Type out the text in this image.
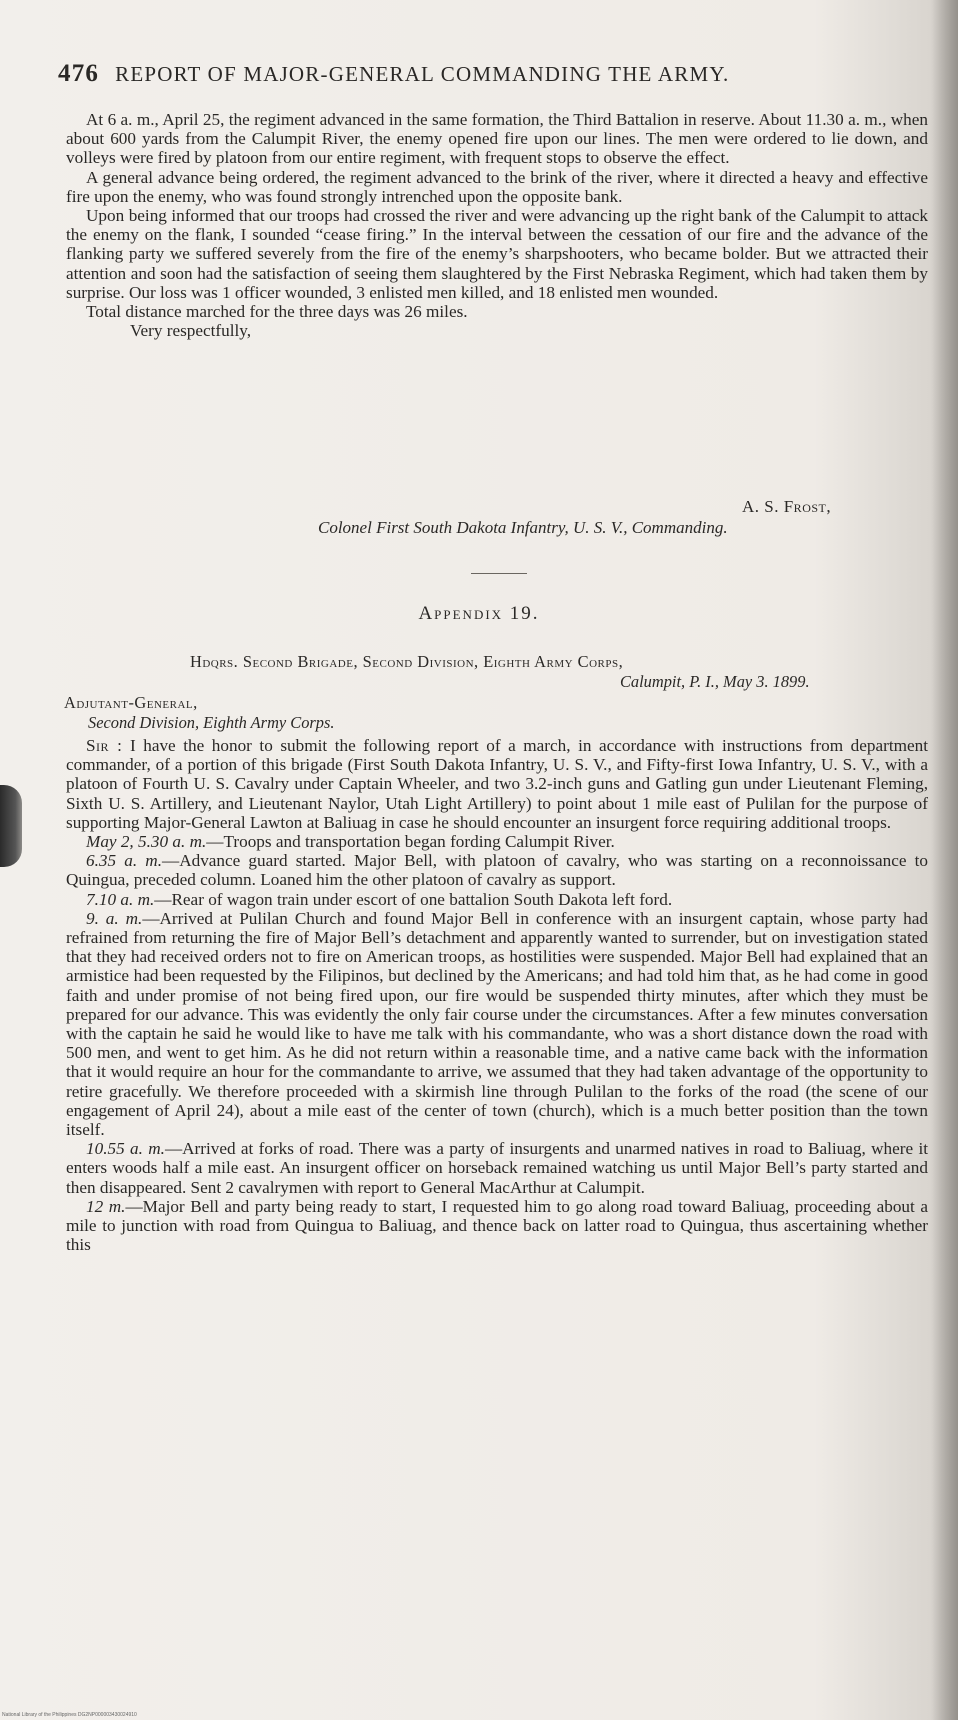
476 REPORT OF MAJOR-GENERAL COMMANDING THE ARMY.

At 6 a. m., April 25, the regiment advanced in the same formation, the Third Battalion in reserve. About 11.30 a. m., when about 600 yards from the Calumpit River, the enemy opened fire upon our lines. The men were ordered to lie down, and volleys were fired by platoon from our entire regiment, with frequent stops to observe the effect.

A general advance being ordered, the regiment advanced to the brink of the river, where it directed a heavy and effective fire upon the enemy, who was found strongly intrenched upon the opposite bank.

Upon being informed that our troops had crossed the river and were advancing up the right bank of the Calumpit to attack the enemy on the flank, I sounded “cease firing.” In the interval between the cessation of our fire and the advance of the flanking party we suffered severely from the fire of the enemy’s sharpshooters, who became bolder. But we attracted their attention and soon had the satisfaction of seeing them slaughtered by the First Nebraska Regiment, which had taken them by surprise. Our loss was 1 officer wounded, 3 enlisted men killed, and 18 enlisted men wounded.

Total distance marched for the three days was 26 miles.

Very respectfully,

A. S. Frost,
Colonel First South Dakota Infantry, U. S. V., Commanding.
Appendix 19.
Hdqrs. Second Brigade, Second Division, Eighth Army Corps,
Calumpit, P. I., May 3. 1899.
Adjutant-General,
Second Division, Eighth Army Corps.

Sir : I have the honor to submit the following report of a march, in accordance with instructions from department commander, of a portion of this brigade (First South Dakota Infantry, U. S. V., and Fifty-first Iowa Infantry, U. S. V., with a platoon of Fourth U. S. Cavalry under Captain Wheeler, and two 3.2-inch guns and Gatling gun under Lieutenant Fleming, Sixth U. S. Artillery, and Lieutenant Naylor, Utah Light Artillery) to point about 1 mile east of Pulilan for the purpose of supporting Major-General Lawton at Baliuag in case he should encounter an insurgent force requiring additional troops.

May 2, 5.30 a. m.—Troops and transportation began fording Calumpit River.

6.35 a. m.—Advance guard started. Major Bell, with platoon of cavalry, who was starting on a reconnoissance to Quingua, preceded column. Loaned him the other platoon of cavalry as support.

7.10 a. m.—Rear of wagon train under escort of one battalion South Dakota left ford.

9. a. m.—Arrived at Pulilan Church and found Major Bell in conference with an insurgent captain, whose party had refrained from returning the fire of Major Bell’s detachment and apparently wanted to surrender, but on investigation stated that they had received orders not to fire on American troops, as hostilities were suspended. Major Bell had explained that an armistice had been requested by the Filipinos, but declined by the Americans; and had told him that, as he had come in good faith and under promise of not being fired upon, our fire would be suspended thirty minutes, after which they must be prepared for our advance. This was evidently the only fair course under the circumstances. After a few minutes conversation with the captain he said he would like to have me talk with his commandante, who was a short distance down the road with 500 men, and went to get him. As he did not return within a reasonable time, and a native came back with the information that it would require an hour for the commandante to arrive, we assumed that they had taken advantage of the opportunity to retire gracefully. We therefore proceeded with a skirmish line through Pulilan to the forks of the road (the scene of our engagement of April 24), about a mile east of the center of town (church), which is a much better position than the town itself.

10.55 a. m.—Arrived at forks of road. There was a party of insurgents and unarmed natives in road to Baliuag, where it enters woods half a mile east. An insurgent officer on horseback remained watching us until Major Bell’s party started and then disappeared. Sent 2 cavalrymen with report to General MacArthur at Calumpit.

12 m.—Major Bell and party being ready to start, I requested him to go along road toward Baliuag, proceeding about a mile to junction with road from Quingua to Baliuag, and thence back on latter road to Quingua, thus ascertaining whether this

National Library of the Philippines DG2NP000003430024910
